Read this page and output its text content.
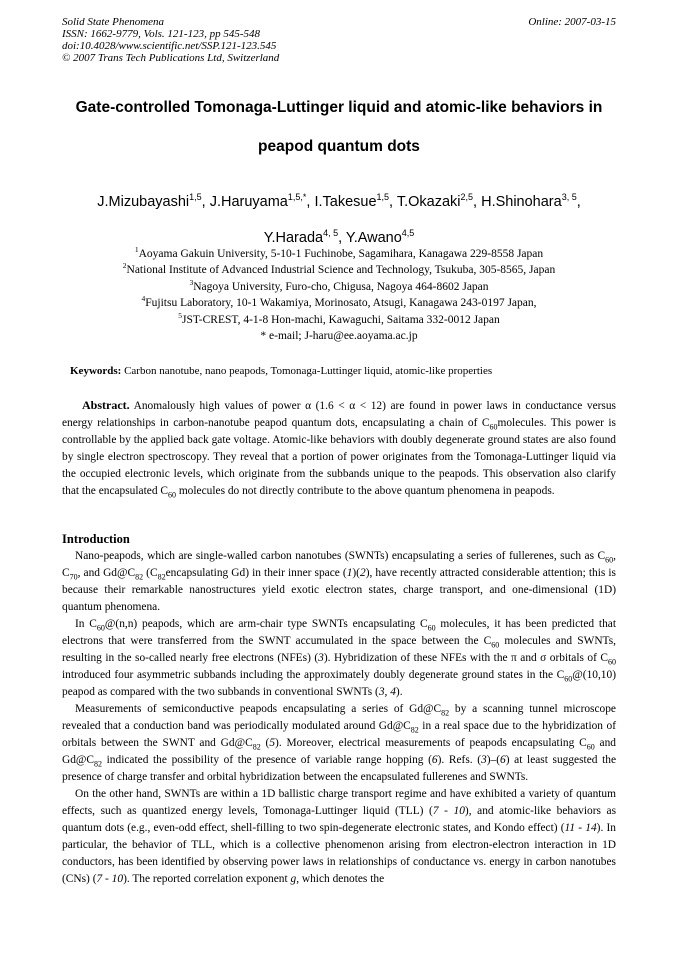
Solid State Phenomena
ISSN: 1662-9779, Vols. 121-123, pp 545-548
doi:10.4028/www.scientific.net/SSP.121-123.545
© 2007 Trans Tech Publications Ltd, Switzerland
Online: 2007-03-15
Gate-controlled Tomonaga-Luttinger liquid and atomic-like behaviors in
peapod quantum dots
J.Mizubayashi$^{1,5}$, J.Haruyama$^{1,5,*}$, I.Takesue$^{1,5}$, T.Okazaki$^{2,5}$, H.Shinohara$^{3, 5}$,
Y.Harada$^{4, 5}$, Y.Awano$^{4,5}$
$^1$Aoyama Gakuin University, 5-10-1 Fuchinobe, Sagamihara, Kanagawa 229-8558 Japan
$^2$National Institute of Advanced Industrial Science and Technology, Tsukuba, 305-8565, Japan
$^3$Nagoya University, Furo-cho, Chigusa, Nagoya 464-8602 Japan
$^4$Fujitsu Laboratory, 10-1 Wakamiya, Morinosato, Atsugi, Kanagawa 243-0197 Japan,
$^5$JST-CREST, 4-1-8 Hon-machi, Kawaguchi, Saitama 332-0012 Japan
* e-mail; J-haru@ee.aoyama.ac.jp
Keywords: Carbon nanotube, nano peapods, Tomonaga-Luttinger liquid, atomic-like properties

Abstract. Anomalously high values of power α (1.6 < α < 12) are found in power laws in conductance versus energy relationships in carbon-nanotube peapod quantum dots, encapsulating a chain of $C_{60}molecules$. This power is controllable by the applied back gate voltage. Atomic-like behaviors with doubly degenerate ground states are also found by single electron spectroscopy. They reveal that a portion of power originates from the Tomonaga-Luttinger liquid via the occupied electronic levels, which originate from the subbands unique to the peapods. This observation also clarify that the encapsulated $C_{60}$ molecules do not directly contribute to the above quantum phenomena in peapods.

Introduction

Nano-peapods, which are single-walled carbon nanotubes (SWNTs) encapsulating a series of fullerenes, such as $C_{60}$, $C_{70}$, and $Gd@C_{82}$ ($C_{82}encapsulating$ Gd) in their inner space (1)(2), have recently attracted considerable attention; this is because their remarkable nanostructures yield exotic electron states, charge transport, and one-dimensional (1D) quantum phenomena.

In $C_{60}@(n,n)$ peapods, which are arm-chair type SWNTs encapsulating $C_{60}$ molecules, it has been predicted that electrons that were transferred from the SWNT accumulated in the space between the $C_{60}$ molecules and SWNTs, resulting in the so-called nearly free electrons (NFEs) (3). Hybridization of these NFEs with the π and σ orbitals of $C_{60}$ introduced four asymmetric subbands including the approximately doubly degenerate ground states in the $C_{60}@(10,10)$ peapod as compared with the two subbands in conventional SWNTs (3, 4).

Measurements of semiconductive peapods encapsulating a series of $Gd@C_{82}$ by a scanning tunnel microscope revealed that a conduction band was periodically modulated around $Gd@C_{82}$ in a real space due to the hybridization of orbitals between the SWNT and $Gd@C_{82}$ (5). Moreover, electrical measurements of peapods encapsulating $C_{60}$ and $Gd@C_{82}$ indicated the possibility of the presence of variable range hopping (6). Refs. (3)–(6) at least suggested the presence of charge transfer and orbital hybridization between the encapsulated fullerenes and SWNTs.

On the other hand, SWNTs are within a 1D ballistic charge transport regime and have exhibited a variety of quantum effects, such as quantized energy levels, Tomonaga-Luttinger liquid (TLL) (7 - 10), and atomic-like behaviors as quantum dots (e.g., even-odd effect, shell-filling to two spin-degenerate electronic states, and Kondo effect) (11 - 14). In particular, the behavior of TLL, which is a collective phenomenon arising from electron-electron interaction in 1D conductors, has been identified by observing power laws in relationships of conductance vs. energy in carbon nanotubes (CNs) (7 - 10). The reported correlation exponent g, which denotes the
